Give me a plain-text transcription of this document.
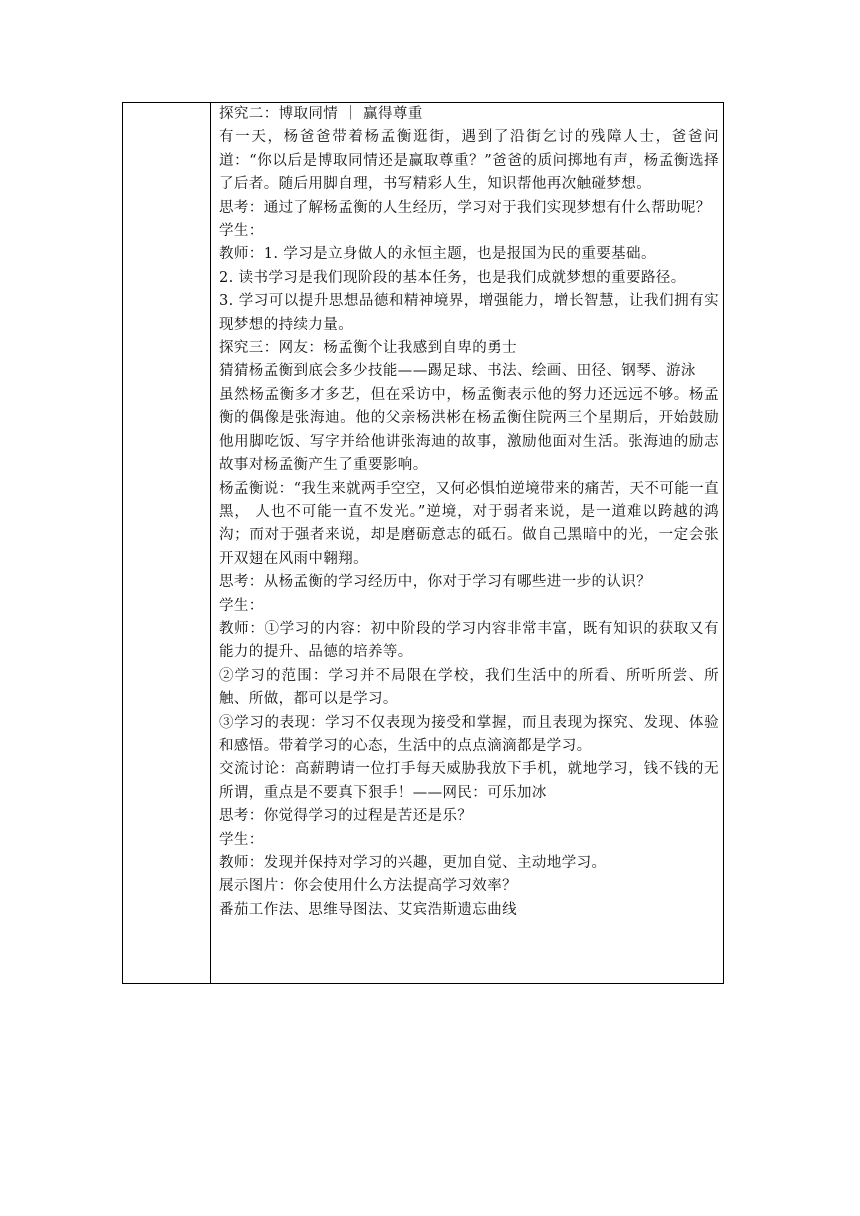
探究二：博取同情 ｜ 赢得尊重

有一天，杨爸爸带着杨孟衡逛街，遇到了沿街乞讨的残障人士，爸爸问道：“你以后是博取同情还是赢取尊重？”爸爸的质问掷地有声，杨孟衡选择了后者。随后用脚自理，书写精彩人生，知识帮他再次触碰梦想。

思考：通过了解杨孟衡的人生经历，学习对于我们实现梦想有什么帮助呢？

学生：

教师：1. 学习是立身做人的永恒主题，也是报国为民的重要基础。

2. 读书学习是我们现阶段的基本任务，也是我们成就梦想的重要路径。

3. 学习可以提升思想品德和精神境界，增强能力，增长智慧，让我们拥有实现梦想的持续力量。

探究三：网友：杨孟衡个让我感到自卑的勇士

猜猜杨孟衡到底会多少技能——踢足球、书法、绘画、田径、钢琴、游泳

虽然杨孟衡多才多艺，但在采访中，杨孟衡表示他的努力还远远不够。杨孟衡的偶像是张海迪。他的父亲杨洪彬在杨孟衡住院两三个星期后，开始鼓励他用脚吃饭、写字并给他讲张海迪的故事，激励他面对生活。张海迪的励志故事对杨孟衡产生了重要影响。

杨孟衡说：“我生来就两手空空，又何必惧怕逆境带来的痛苦，天不可能一直黑， 人也不可能一直不发光。”逆境，对于弱者来说，是一道难以跨越的鸿沟；而对于强者来说，却是磨砺意志的砥石。做自己黑暗中的光，一定会张开双翅在风雨中翱翔。

思考：从杨孟衡的学习经历中，你对于学习有哪些进一步的认识？

学生：

教师：①学习的内容：初中阶段的学习内容非常丰富，既有知识的获取又有能力的提升、品德的培养等。

②学习的范围：学习并不局限在学校，我们生活中的所看、所听所尝、所触、所做，都可以是学习。

③学习的表现：学习不仅表现为接受和掌握，而且表现为探究、发现、体验和感悟。带着学习的心态，生活中的点点滴滴都是学习。

交流讨论：高薪聘请一位打手每天威胁我放下手机，就地学习，钱不钱的无所谓，重点是不要真下狠手！——网民：可乐加冰

思考：你觉得学习的过程是苦还是乐？

学生：

教师：发现并保持对学习的兴趣，更加自觉、主动地学习。

展示图片：你会使用什么方法提高学习效率？

番茄工作法、思维导图法、艾宾浩斯遗忘曲线
